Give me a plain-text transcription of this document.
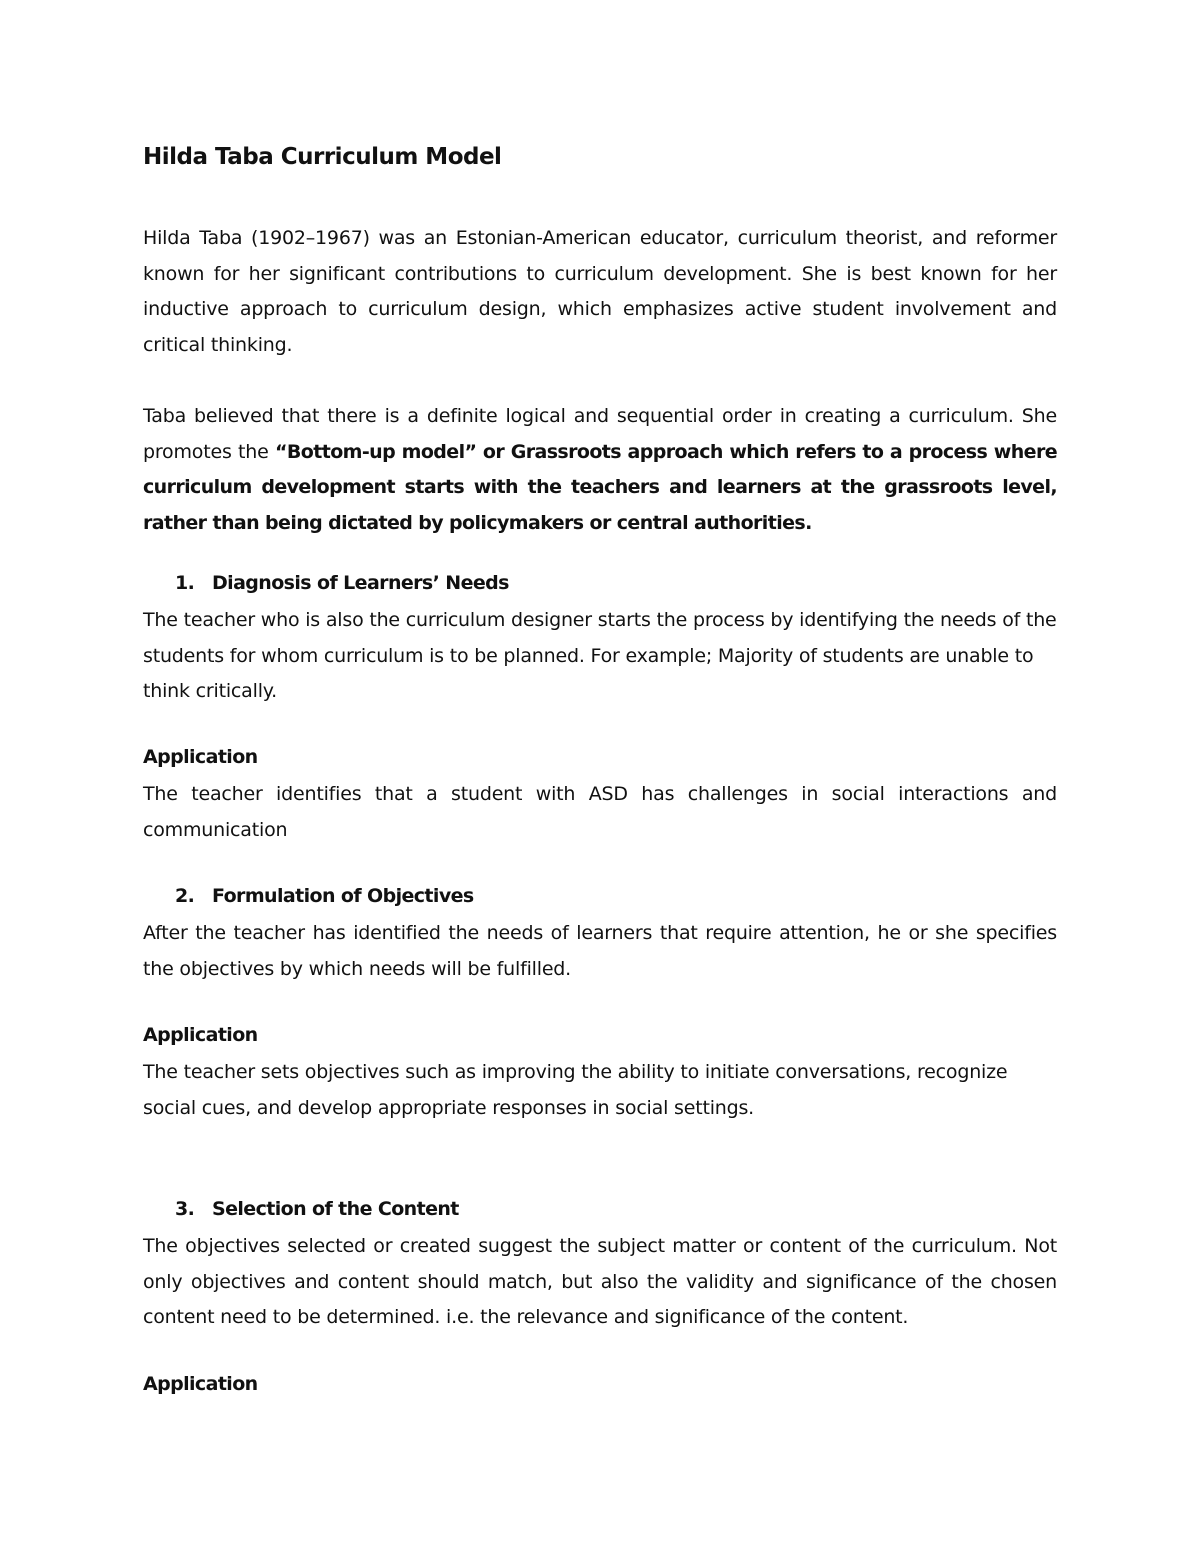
Hilda Taba Curriculum Model

Hilda Taba (1902–1967) was an Estonian-American educator, curriculum theorist, and reformer known for her significant contributions to curriculum development. She is best known for her inductive approach to curriculum design, which emphasizes active student involvement and critical thinking.

Taba believed that there is a definite logical and sequential order in creating a curriculum. She promotes the “Bottom-up model” or Grassroots approach which refers to a process where curriculum development starts with the teachers and learners at the grassroots level, rather than being dictated by policymakers or central authorities.

1. Diagnosis of Learners’ Needs

The teacher who is also the curriculum designer starts the process by identifying the needs of the students for whom curriculum is to be planned. For example; Majority of students are unable to think critically.

Application

The teacher identifies that a student with ASD has challenges in social interactions and communication

2. Formulation of Objectives

After the teacher has identified the needs of learners that require attention, he or she specifies the objectives by which needs will be fulfilled.

Application

The teacher sets objectives such as improving the ability to initiate conversations, recognize social cues, and develop appropriate responses in social settings.

3. Selection of the Content

The objectives selected or created suggest the subject matter or content of the curriculum. Not only objectives and content should match, but also the validity and significance of the chosen content need to be determined. i.e. the relevance and significance of the content.

Application
